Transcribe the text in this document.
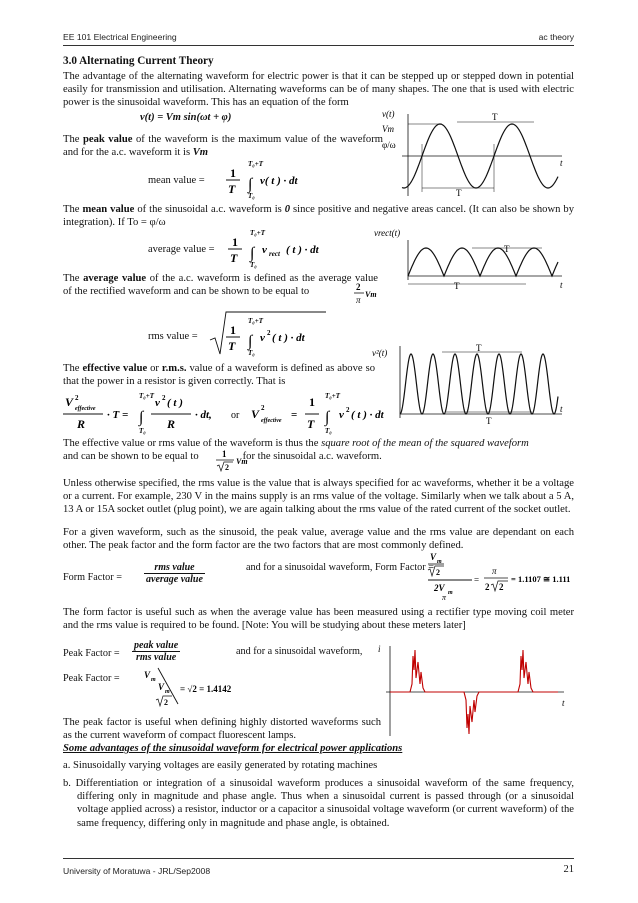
EE 101 Electrical Engineering	ac theory
3.0 Alternating Current Theory

The advantage of the alternating waveform for electric power is that it can be stepped up or stepped down in potential easily for transmission and utilisation. Alternating waveforms can be of many shapes. The one that is used with electric power is the sinusoidal waveform. This has an equation of the form

v(t) = Vm sin(ωt + φ)	v(t)
Vm
φ/ω
T
T
t

The peak value of the waveform is the maximum value of the waveform and for the a.c. waveform it is Vm

mean value =
1
T
T₀+T
∫
T₀
v( t ) · dt

The mean value of the sinusoidal a.c. waveform is 0 since positive and negative areas cancel. (It can also be shown by integration). If To = φ/ω

vrect(t)
T
T	t
average value =
1
T
T₀+T
∫
T₀
v rect ( t ) · dt

The average value of the a.c. waveform is defined as the average value of the rectified waveform and can be shown to be equal to	2
π
Vm
rms value =	1
T
T₀+T
∫
T₀
v 2 ( t ) · dt
v²(t)	T
T
t

The effective value or r.m.s. value of a waveform is defined as above so that the power in a resistor is given correctly. That is

V 2
effective
R
· T =
T₀+T
∫
T₀
v 2 ( t )
R
· dt, or V 2
effective =
1
T
T₀+T
∫
T₀
v 2 ( t ) · dt

The effective value or rms value of the waveform is thus the square root of the mean of the squared waveform
and can be shown to be equal to	for the sinusoidal a.c. waveform.

1
2
Vm

Unless otherwise specified, the rms value is the value that is always specified for ac waveforms, whether it be a voltage or a current. For example, 230 V in the mains supply is an rms value of the voltage. Similarly when we talk about a 5 A, 13 A or 15A socket outlet (plug point), we are again talking about the rms value of the rated current of the socket outlet.

For a given waveform, such as the sinusoid, the peak value, average value and the rms value are dependant on each other. The peak factor and the form factor are the two factors that are most commonly defined.

Form Factor = $\frac{\text{rms value}}{\text{average value}}$	and for a sinusoidal waveform, Form Factor =
V m
2
2V m
π
=
π
2 2
= 1.1107 ≅ 1.111

The form factor is useful such as when the average value has been measured using a rectifier type moving coil meter and the rms value is required to be found. [Note: You will be studying about these meters later]

Peak Factor = $\frac{\text{peak value}}{\text{rms value}}$	and for a sinusoidal waveform,
Peak Factor =	V m
V m
2
= √2 = 1.4142
i
t

The peak factor is useful when defining highly distorted waveforms such as the current waveform of compact fluorescent lamps.

Some advantages of the sinusoidal waveform for electrical power applications

a. Sinusoidally varying voltages are easily generated by rotating machines

b. Differentiation or integration of a sinusoidal waveform produces a sinusoidal waveform of the same frequency, differing only in magnitude and phase angle. Thus when a sinusoidal current is passed through (or a sinusoidal voltage applied across) a resistor, inductor or a capacitor a sinusoidal voltage waveform (or current waveform) of the same frequency, differing only in magnitude and phase angle, is obtained.

University of Moratuwa - JRL/Sep2008	21
